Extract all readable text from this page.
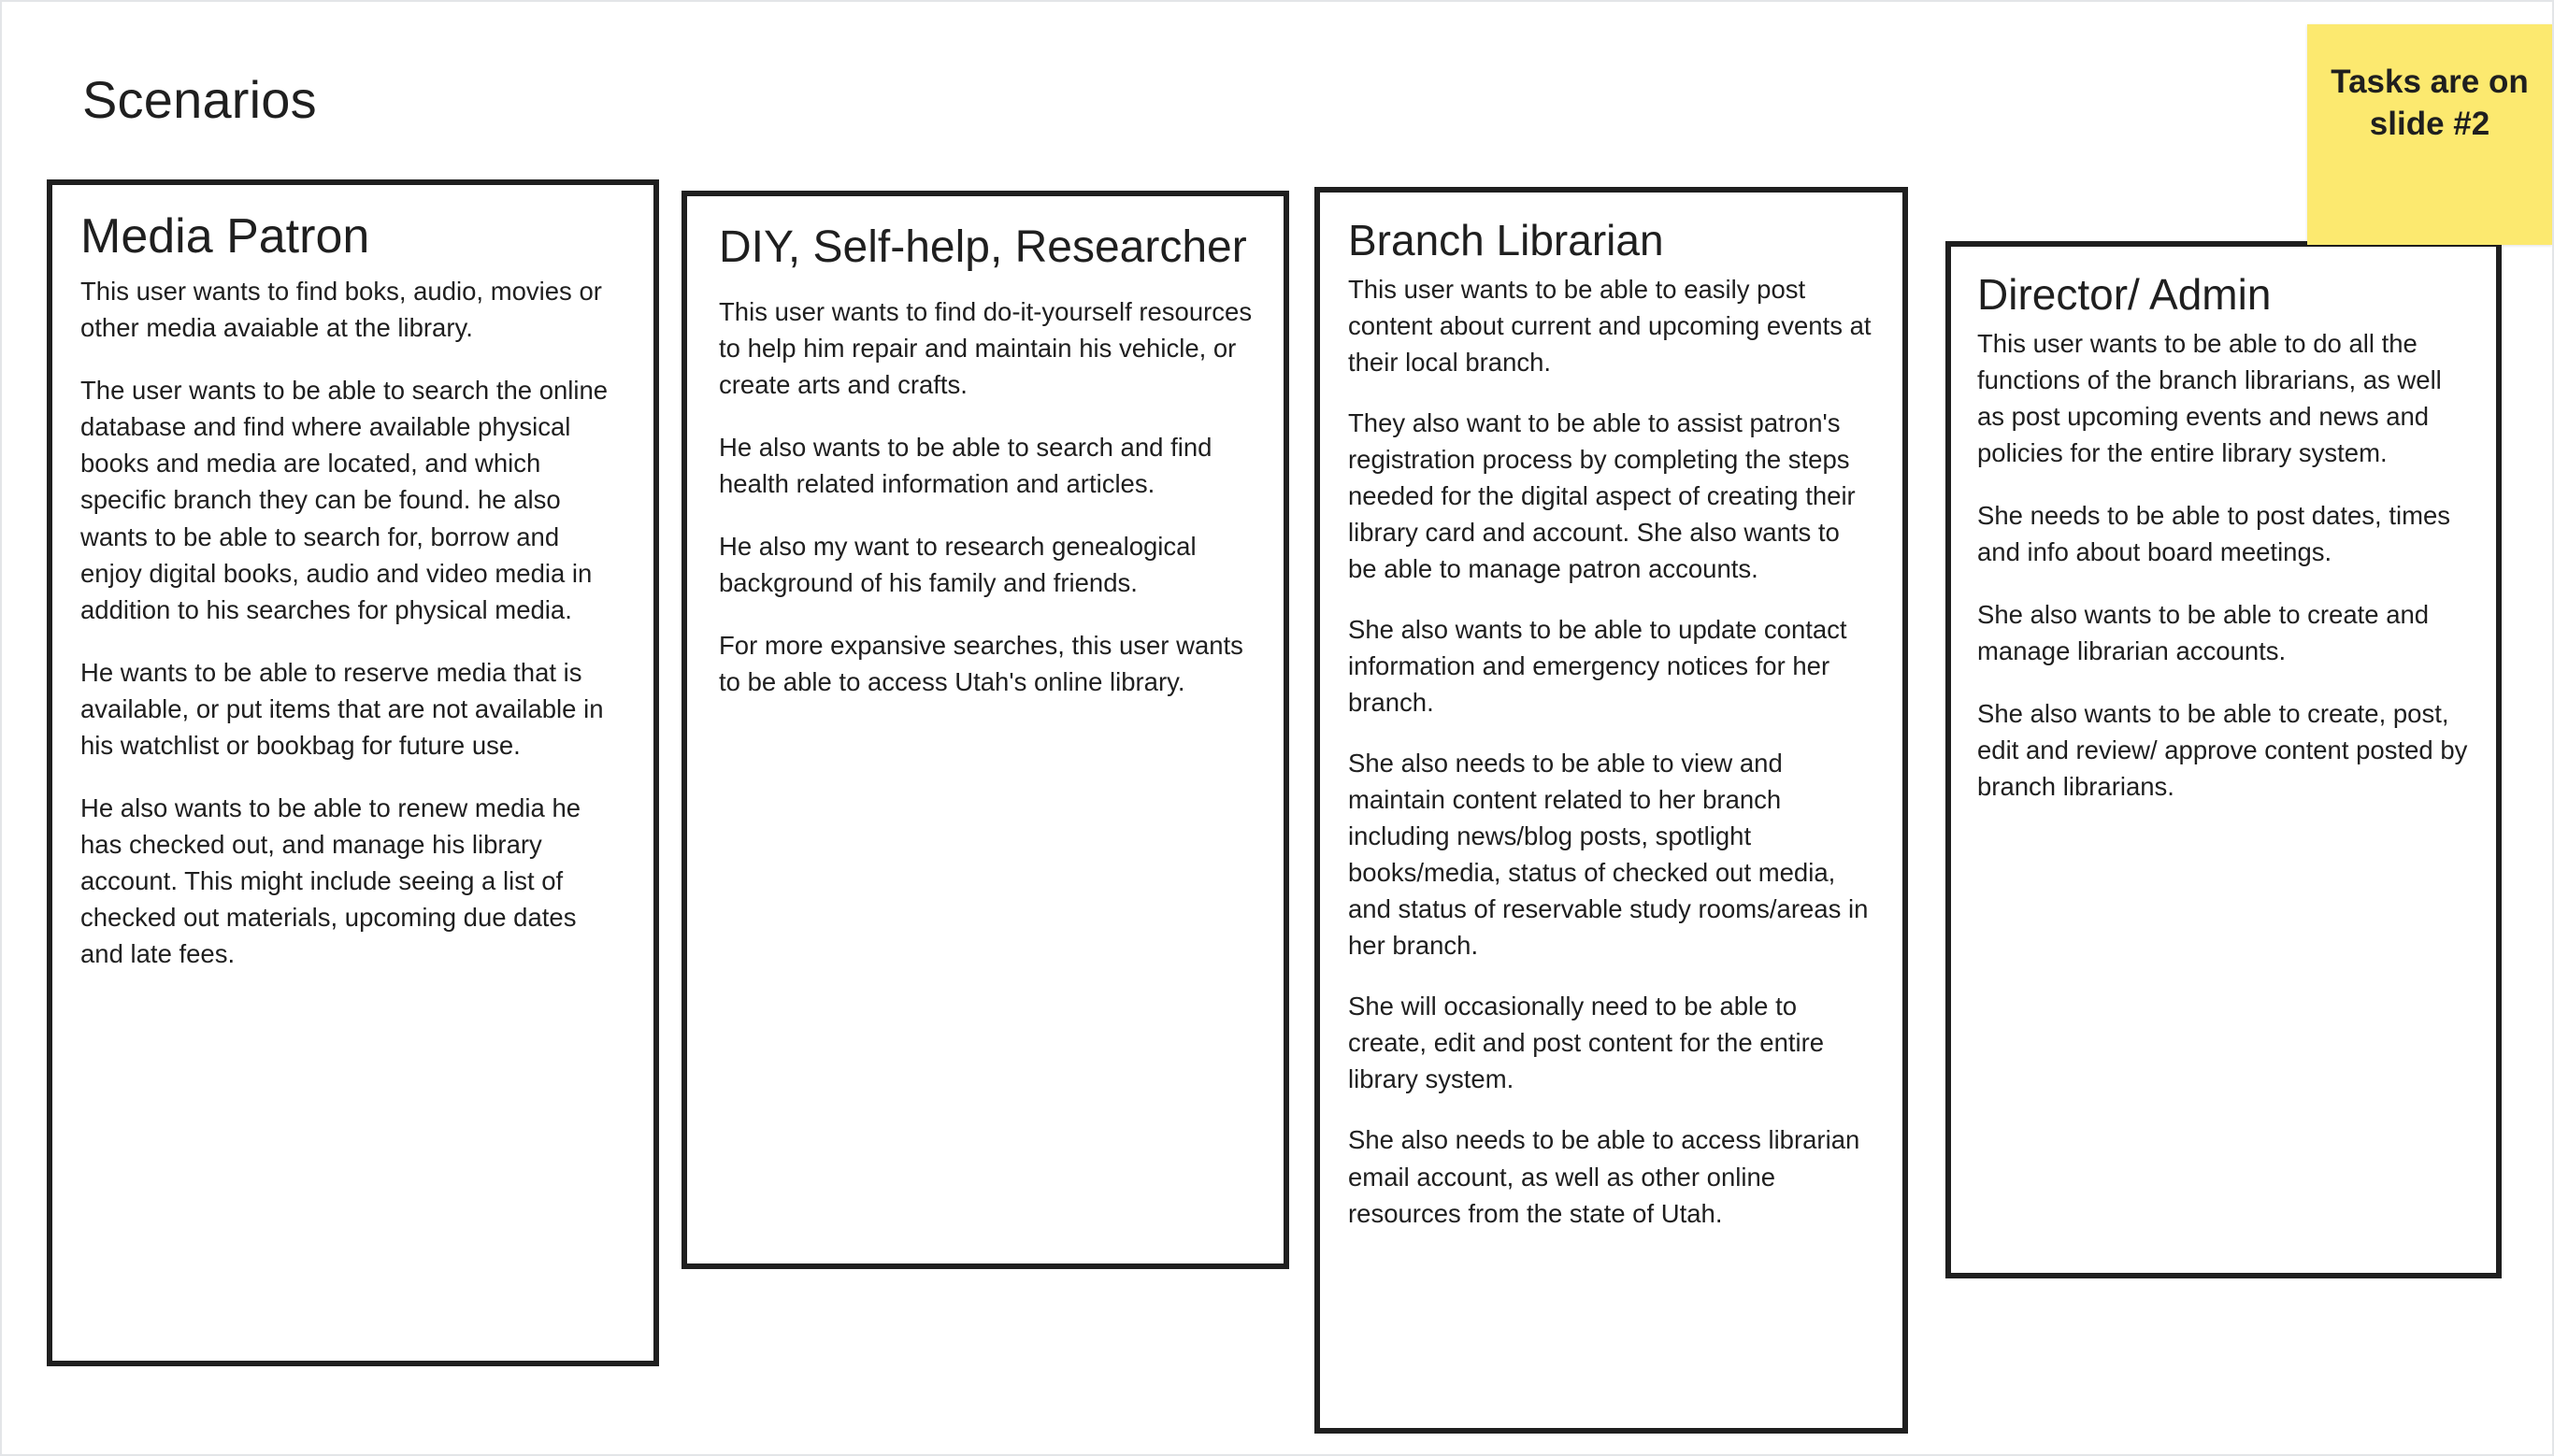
Scenarios
Media Patron

This user wants to find boks, audio, movies or other media avaiable at the library.

The user wants to be able to search the online database and find where available physical books and media are located, and which specific branch they can be found. he also wants to be able to search for, borrow and enjoy digital books, audio and video media in addition to his searches for physical media.

He wants to be able to reserve media that is available, or put items that are not available in his watchlist or bookbag for future use.

He also wants to be able to renew media he has checked out, and manage his library account. This might include seeing a list of checked out materials, upcoming due dates and late fees.

DIY, Self-help, Researcher

This user wants to find do-it-yourself resources to help him repair and maintain his vehicle, or create arts and crafts.

He also wants to be able to search and find health related information and articles.

He also my want to research genealogical background of his family and friends.

For more expansive searches, this user wants to be able to access Utah's online library.

Branch Librarian

This user wants to be able to easily post content about current and upcoming events at their local branch.

They also want to be able to assist patron's registration process by completing the steps needed for the digital aspect of creating their library card and account. She also wants to be able to manage patron accounts.

She also wants to be able to update contact information and emergency notices for her branch.

She also needs to be able to view and maintain content related to her branch including news/blog posts, spotlight books/media, status of checked out media, and status of reservable study rooms/areas in her branch.

She will occasionally need to be able to create, edit and post content for the entire library system.

She also needs to be able to access librarian email account, as well as other online resources from the state of Utah.

Director/ Admin

This user wants to be able to do all the functions of the branch librarians, as well as post upcoming events and news and policies for the entire library system.

She needs to be able to post dates, times and info about board meetings.

She also wants to be able to create and manage librarian accounts.

She also wants to be able to create, post, edit and review/ approve content posted by branch librarians.

Tasks are on slide #2
